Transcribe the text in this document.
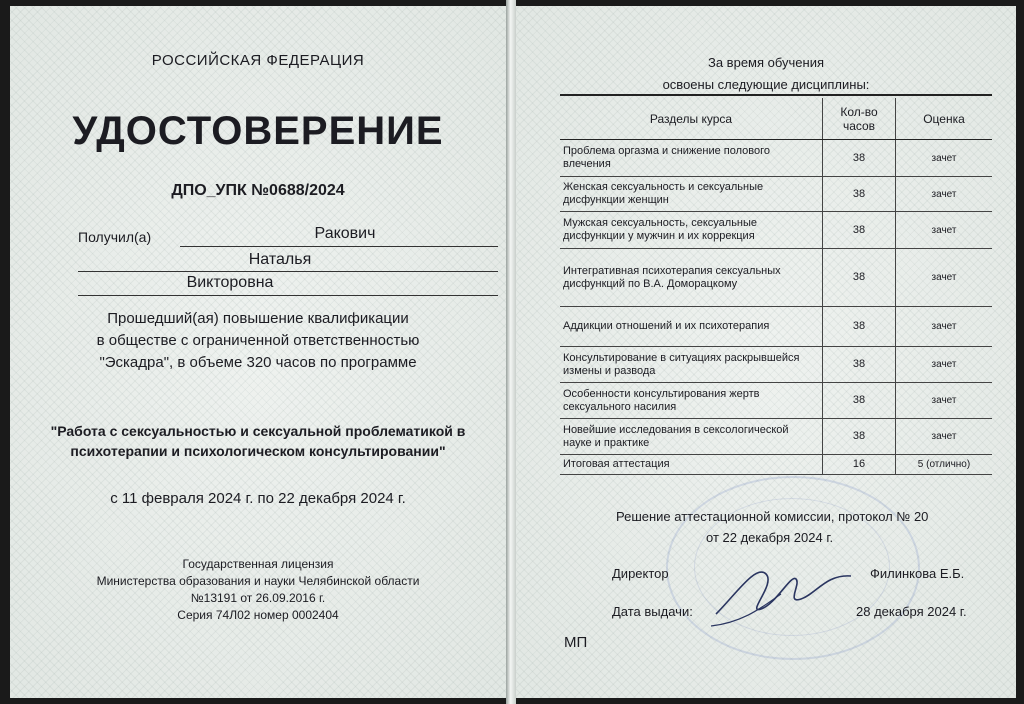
РОССИЙСКАЯ ФЕДЕРАЦИЯ
УДОСТОВЕРЕНИЕ
ДПО_УПК №0688/2024
Получил(а)	Ракович
Наталья
Викторовна
Прошедший(ая) повышение квалификации
в обществе с ограниченной ответственностью
"Эскадра", в объеме 320 часов по программе
"Работа с сексуальностью и сексуальной проблематикой в
психотерапии и психологическом консультировании"
с 11 февраля 2024 г. по 22 декабря 2024 г.
Государственная лицензия
Министерства образования и науки Челябинской области
№13191 от 26.09.2016 г.
Серия 74Л02 номер 0002404
За время обучения
освоены следующие дисциплины:
Разделы курса	Кол-во часов	Оценка
Проблема оргазма и снижение полового влечения	38	зачет
Женская сексуальность и сексуальные дисфункции женщин	38	зачет
Мужская сексуальность, сексуальные дисфункции у мужчин и их коррекция	38	зачет
Интегративная психотерапия сексуальных дисфункций по В.А. Доморацкому	38	зачет
Аддикции отношений и их психотерапия	38	зачет
Консультирование в ситуациях раскрывшейся измены и развода	38	зачет
Особенности консультирования жертв сексуального насилия	38	зачет
Новейшие исследования в сексологической науке и практике	38	зачет
Итоговая аттестация	16	5 (отлично)
Решение аттестационной комиссии, протокол № 20
от 22 декабря 2024 г.
Директор	Филинкова Е.Б.
Дата выдачи:	28 декабря 2024 г.
МП
